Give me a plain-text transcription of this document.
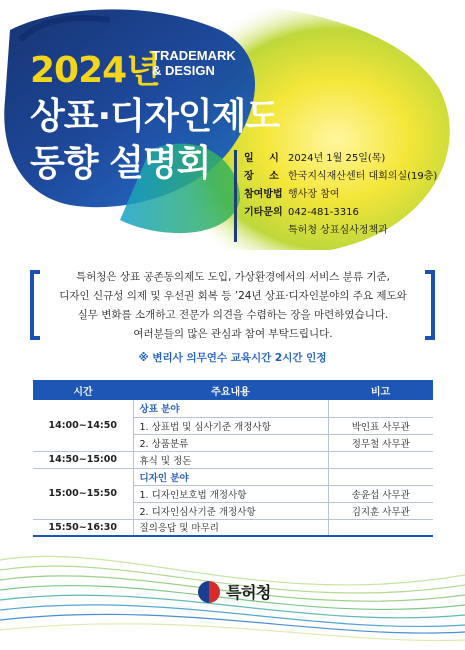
2024년
TRADEMARK
& DESIGN
상표·디자인제도
동향 설명회	일 시 2024년 1월 25일(목)
장 소 한국지식재산센터 대회의실(19층)
참여방법 행사장 참여
기타문의 042-481-3316
특허청 상표심사정책과
특허청은 상표 공존동의제도 도입, 가상환경에서의 서비스 분류 기준,
디자인 신규성 의제 및 우선권 회복 등 ’24년 상표·디자인분야의 주요 제도와
실무 변화를 소개하고 전문가 의견을 수렴하는 장을 마련하였습니다.
여러분들의 많은 관심과 참여 부탁드립니다.
※ 변리사 의무연수 교육시간 2시간 인정
시간	주요내용	비고
14:00~14:50	상표 분야	
	1. 상표법 및 심사기준 개정사항	박인표 사무관
	2. 상품분류	정무철 사무관
14:50~15:00	휴식 및 정돈	
15:00~15:50	디자인 분야	
	1. 디자인보호법 개정사항	송윤섭 사무관
	2. 디자인심사기준 개정사항	김지훈 사무관
15:50~16:30	질의응답 및 마무리	
특허청
